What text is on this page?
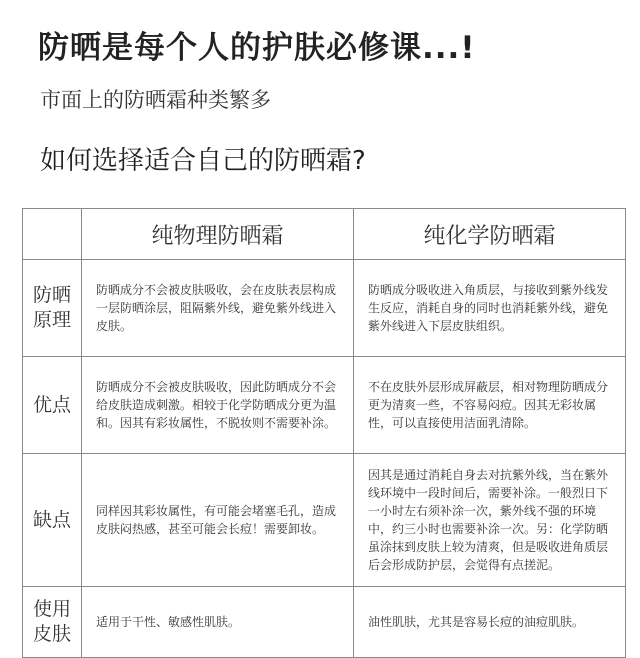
防晒是每个人的护肤必修课...!
市面上的防晒霜种类繁多
如何选择适合自己的防晒霜?
	纯物理防晒霜	纯化学防晒霜

防晒原理	防晒成分不会被皮肤吸收，会在皮肤表层构成一层防晒涂层，阻隔紫外线，避免紫外线进入皮肤。	防晒成分吸收进入角质层，与接收到紫外线发生反应，消耗自身的同时也消耗紫外线，避免紫外线进入下层皮肤组织。
优点	防晒成分不会被皮肤吸收，因此防晒成分不会给皮肤造成刺激。相较于化学防晒成分更为温和。因其有彩妆属性，不脱妆则不需要补涂。	不在皮肤外层形成屏蔽层，相对物理防晒成分更为清爽一些，不容易闷痘。因其无彩妆属性，可以直接使用洁面乳清除。
缺点	同样因其彩妆属性，有可能会堵塞毛孔，造成皮肤闷热感，甚至可能会长痘！需要卸妆。	因其是通过消耗自身去对抗紫外线，当在紫外线环境中一段时间后，需要补涂。一般烈日下一小时左右须补涂一次，紫外线不强的环境中，约三小时也需要补涂一次。另：化学防晒虽涂抹到皮肤上较为清爽，但是吸收进角质层后会形成防护层，会觉得有点搓泥。

使用皮肤	适用于干性、敏感性肌肤。	油性肌肤，尤其是容易长痘的油痘肌肤。
